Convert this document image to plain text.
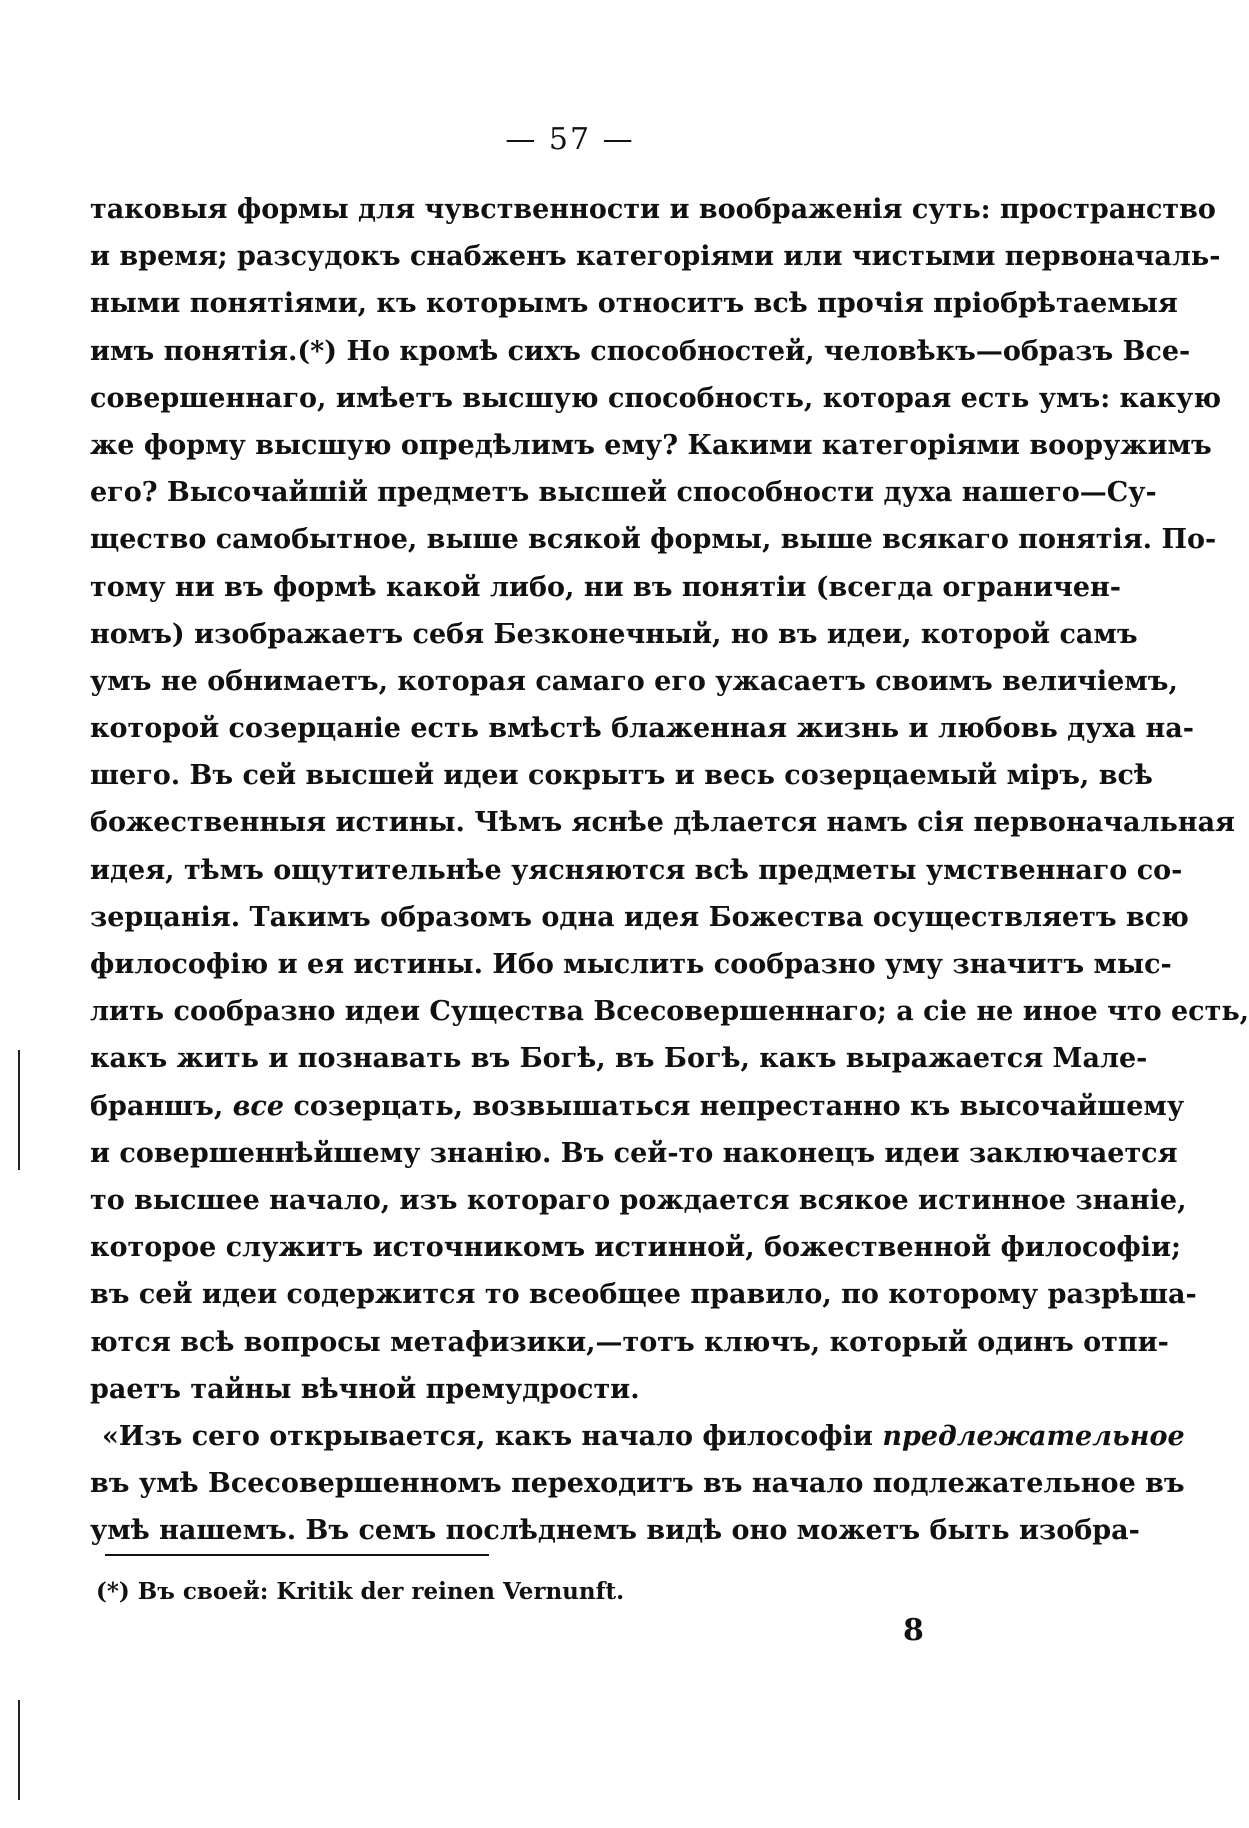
— 57 —
таковыя формы для чувственности и воображенія суть: пространство
и время; разсудокъ снабженъ категоріями или чистыми первоначаль-
ными понятіями, къ которымъ относитъ всѣ прочія пріобрѣтаемыя
имъ понятія.(*) Но кромѣ сихъ способностей, человѣкъ—образъ Все-
совершеннаго, имѣетъ высшую способность, которая есть умъ: какую
же форму высшую опредѣлимъ ему? Какими категоріями вооружимъ
его? Высочайшій предметъ высшей способности духа нашего—Су-
щество самобытное, выше всякой формы, выше всякаго понятія. По-
тому ни въ формѣ какой либо, ни въ понятіи (всегда ограничен-
номъ) изображаетъ себя Безконечный, но въ идеи, которой самъ
умъ не обнимаетъ, которая самаго его ужасаетъ своимъ величіемъ,
которой созерцаніе есть вмѣстѣ блаженная жизнь и любовь духа на-
шего. Въ сей высшей идеи сокрытъ и весь созерцаемый міръ, всѣ
божественныя истины. Чѣмъ яснѣе дѣлается намъ сія первоначальная
идея, тѣмъ ощутительнѣе уясняются всѣ предметы умственнаго со-
зерцанія. Такимъ образомъ одна идея Божества осуществляетъ всю
философію и ея истины. Ибо мыслить сообразно уму значитъ мыс-
лить сообразно идеи Существа Всесовершеннаго; а сіе не иное что есть,
какъ жить и познавать въ Богѣ, въ Богѣ, какъ выражается Мале-
браншъ, все созерцать, возвышаться непрестанно къ высочайшему
и совершеннѣйшему знанію. Въ сей-то наконецъ идеи заключается
то высшее начало, изъ котораго рождается всякое истинное знаніе,
которое служитъ источникомъ истинной, божественной философіи;
въ сей идеи содержится то всеобщее правило, по которому разрѣша-
ются всѣ вопросы метафизики,—тотъ ключъ, который одинъ отпи-
раетъ тайны вѣчной премудрости.
«Изъ сего открывается, какъ начало философіи предлежательное
въ умѣ Всесовершенномъ переходитъ въ начало подлежательное въ
умѣ нашемъ. Въ семъ послѣднемъ видѣ оно можетъ быть изобра-
(*) Въ своей: Kritik der reinen Vernunft.
8
